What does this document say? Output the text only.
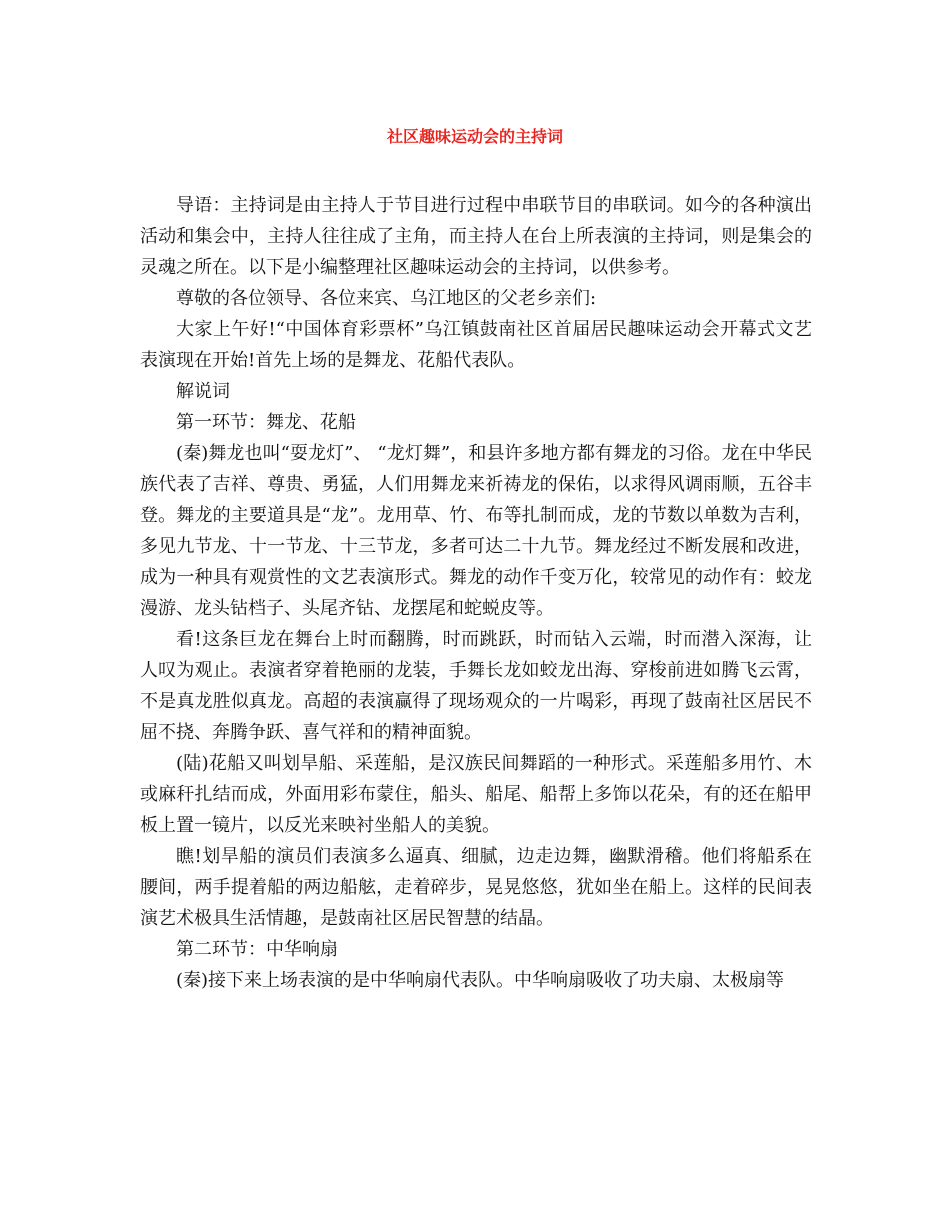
社区趣味运动会的主持词

导语：主持词是由主持人于节目进行过程中串联节目的串联词。如今的各种演出活动和集会中，主持人往往成了主角，而主持人在台上所表演的主持词，则是集会的灵魂之所在。以下是小编整理社区趣味运动会的主持词，以供参考。

尊敬的各位领导、各位来宾、乌江地区的父老乡亲们:

大家上午好!“中国体育彩票杯”乌江镇鼓南社区首届居民趣味运动会开幕式文艺表演现在开始!首先上场的是舞龙、花船代表队。

解说词

第一环节：舞龙、花船

(秦)舞龙也叫“耍龙灯”、 “龙灯舞”，和县许多地方都有舞龙的习俗。龙在中华民族代表了吉祥、尊贵、勇猛，人们用舞龙来祈祷龙的保佑，以求得风调雨顺，五谷丰登。舞龙的主要道具是“龙”。龙用草、竹、布等扎制而成，龙的节数以单数为吉利，多见九节龙、十一节龙、十三节龙，多者可达二十九节。舞龙经过不断发展和改进，成为一种具有观赏性的文艺表演形式。舞龙的动作千变万化，较常见的动作有：蛟龙漫游、龙头钻档子、头尾齐钻、龙摆尾和蛇蜕皮等。

看!这条巨龙在舞台上时而翻腾，时而跳跃，时而钻入云端，时而潜入深海，让人叹为观止。表演者穿着艳丽的龙装，手舞长龙如蛟龙出海、穿梭前进如腾飞云霄，不是真龙胜似真龙。高超的表演赢得了现场观众的一片喝彩，再现了鼓南社区居民不屈不挠、奔腾争跃、喜气祥和的精神面貌。

(陆)花船又叫划旱船、采莲船，是汉族民间舞蹈的一种形式。采莲船多用竹、木或麻秆扎结而成，外面用彩布蒙住，船头、船尾、船帮上多饰以花朵，有的还在船甲板上置一镜片，以反光来映衬坐船人的美貌。

瞧!划旱船的演员们表演多么逼真、细腻，边走边舞，幽默滑稽。他们将船系在腰间，两手提着船的两边船舷，走着碎步，晃晃悠悠，犹如坐在船上。这样的民间表演艺术极具生活情趣，是鼓南社区居民智慧的结晶。

第二环节：中华响扇

(秦)接下来上场表演的是中华响扇代表队。中华响扇吸收了功夫扇、太极扇等
